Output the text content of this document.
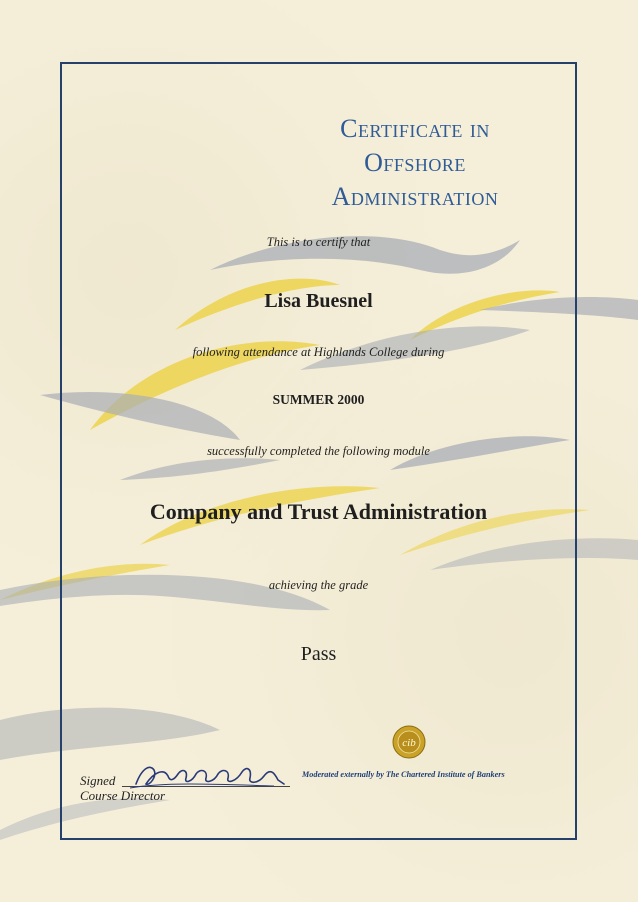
Certificate in
Offshore
Administration
This is to certify that
Lisa Buesnel
following attendance at Highlands College during
SUMMER 2000
successfully completed the following module
Company and Trust Administration
achieving the grade
Pass
cib
Moderated externally by The Chartered Institute of Bankers
Signed
Course Director
